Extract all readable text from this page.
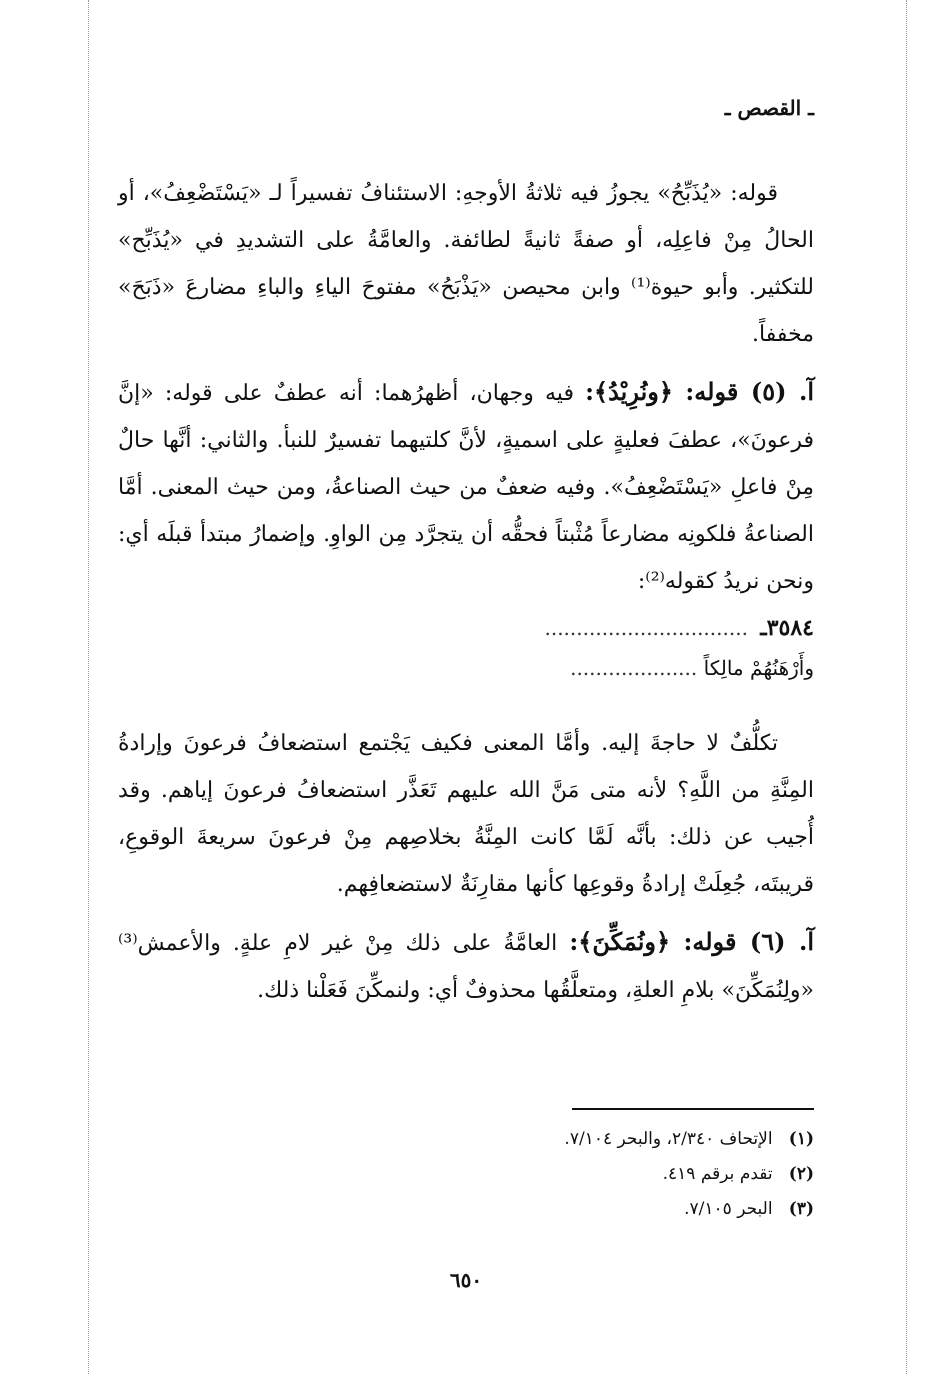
ـ القصص ـ

قوله: «يُذَبِّحُ» يجوزُ فيه ثلاثةُ الأوجهِ: الاستئنافُ تفسيراً لـ «يَسْتَضْعِفُ»، أو الحالُ مِنْ فاعِلِه، أو صفةً ثانيةً لطائفة. والعامَّةُ على التشديدِ في «يُذَبِّح» للتكثير. وأبو حيوة⁽¹⁾ وابن محيصن «يَذْبَحُ» مفتوحَ الياءِ والباءِ مضارعَ «ذَبَحَ» مخففاً.

آ. (٥) قوله: ﴿ونُرِيْدُ﴾: فيه وجهان، أظهرُهما: أنه عطفٌ على قوله: «إنَّ فرعونَ»، عطفَ فعليةٍ على اسميةٍ، لأنَّ كلتيهما تفسيرٌ للنبأ. والثاني: أنَّها حالٌ مِنْ فاعلِ «يَسْتَضْعِفُ». وفيه ضعفٌ من حيث الصناعةُ، ومن حيث المعنى. أمَّا الصناعةُ فلكونِه مضارعاً مُثْبتاً فحقُّه أن يتجرَّد مِن الواوِ. وإضمارُ مبتدأ قبلَه أي: ونحن نريدُ كقوله⁽²⁾:

٣٥٨٤ـ ................................
وأَرْهَنُهُمْ مالِكاً ....................

تكلُّفٌ لا حاجةَ إليه. وأمَّا المعنى فكيف يَجْتمع استضعافُ فرعونَ وإرادةُ المِنَّةِ من اللَّهِ؟ لأنه متى مَنَّ الله عليهم تَعَذَّر استضعافُ فرعونَ إياهم. وقد أُجيب عن ذلك: بأنَّه لَمَّا كانت المِنَّةُ بخلاصِهم مِنْ فرعونَ سريعةَ الوقوعِ، قريبتَه، جُعِلَتْ إرادةُ وقوعِها كأنها مقارِنَةٌ لاستضعافِهم.

آ. (٦) قوله: ﴿ونُمَكِّنَ﴾: العامَّةُ على ذلك مِنْ غير لامِ علةٍ. والأعمش⁽³⁾ «ولِنُمَكِّنَ» بلامِ العلةِ، ومتعلَّقُها محذوفٌ أي: ولنمكِّنَ فَعَلْنا ذلك.

(١) الإتحاف ٢/٣٤٠، والبحر ٧/١٠٤.
(٢) تقدم برقم ٤١٩.
(٣) البحر ٧/١٠٥.
٦٥٠
